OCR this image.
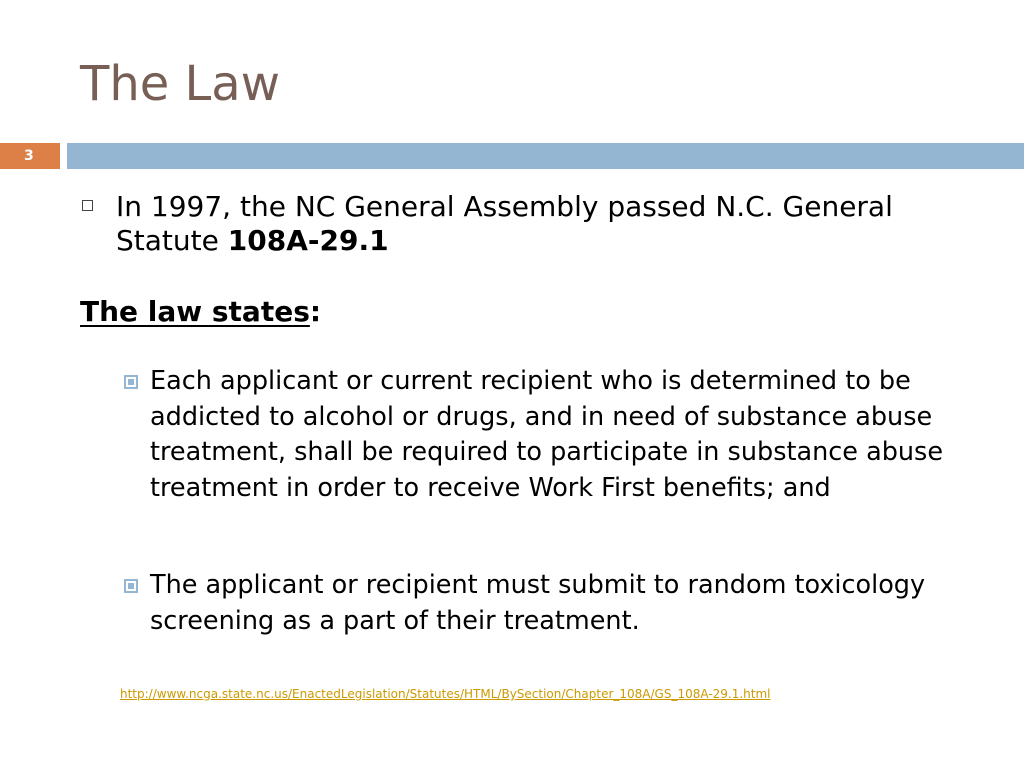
The Law
3
In 1997, the NC General Assembly passed N.C. General Statute 108A-29.1
The law states:
Each applicant or current recipient who is determined to be addicted to alcohol or drugs, and in need of substance abuse treatment, shall be required to participate in substance abuse treatment in order to receive Work First benefits; and
The applicant or recipient must submit to random toxicology screening as a part of their treatment.
http://www.ncga.state.nc.us/EnactedLegislation/Statutes/HTML/BySection/Chapter_108A/GS_108A-29.1.html
